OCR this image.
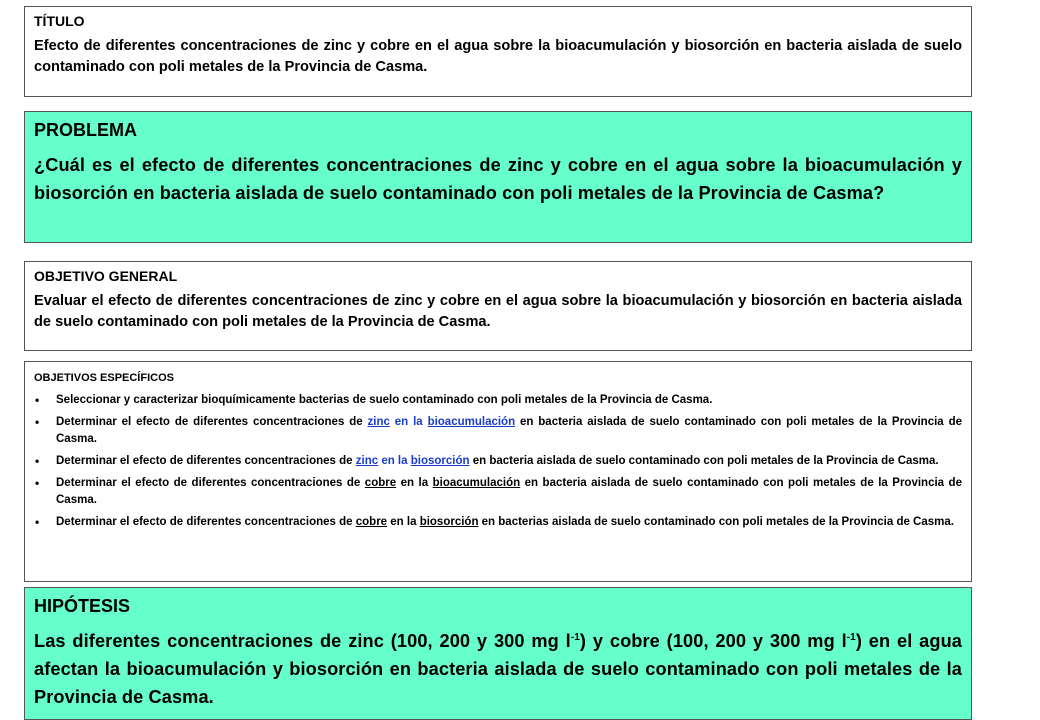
TÍTULO

Efecto de diferentes concentraciones de zinc y cobre en el agua sobre la bioacumulación y biosorción en bacteria aislada de suelo contaminado con poli metales de la Provincia de Casma.

PROBLEMA

¿Cuál es el efecto de diferentes concentraciones de zinc y cobre en el agua sobre la bioacumulación y biosorción en bacteria aislada de suelo contaminado con poli metales de la Provincia de Casma?

OBJETIVO GENERAL

Evaluar el efecto de diferentes concentraciones de zinc y cobre en el agua sobre la bioacumulación y biosorción en bacteria aislada de suelo contaminado con poli metales de la Provincia de Casma.

OBJETIVOS ESPECÍFICOS
• Seleccionar y caracterizar bioquímicamente bacterias de suelo contaminado con poli metales de la Provincia de Casma.
• Determinar el efecto de diferentes concentraciones de zinc en la bioacumulación en bacteria aislada de suelo contaminado con poli metales de la Provincia de Casma.
• Determinar el efecto de diferentes concentraciones de zinc en la biosorción en bacteria aislada de suelo contaminado con poli metales de la Provincia de Casma.
• Determinar el efecto de diferentes concentraciones de cobre en la bioacumulación en bacteria aislada de suelo contaminado con poli metales de la Provincia de Casma.
• Determinar el efecto de diferentes concentraciones de cobre en la biosorción en bacterias aislada de suelo contaminado con poli metales de la Provincia de Casma.
HIPÓTESIS

Las diferentes concentraciones de zinc (100, 200 y 300 mg $l^{-1}$) y cobre (100, 200 y 300 mg $l^{-1}$) en el agua afectan la bioacumulación y biosorción en bacteria aislada de suelo contaminado con poli metales de la Provincia de Casma.
